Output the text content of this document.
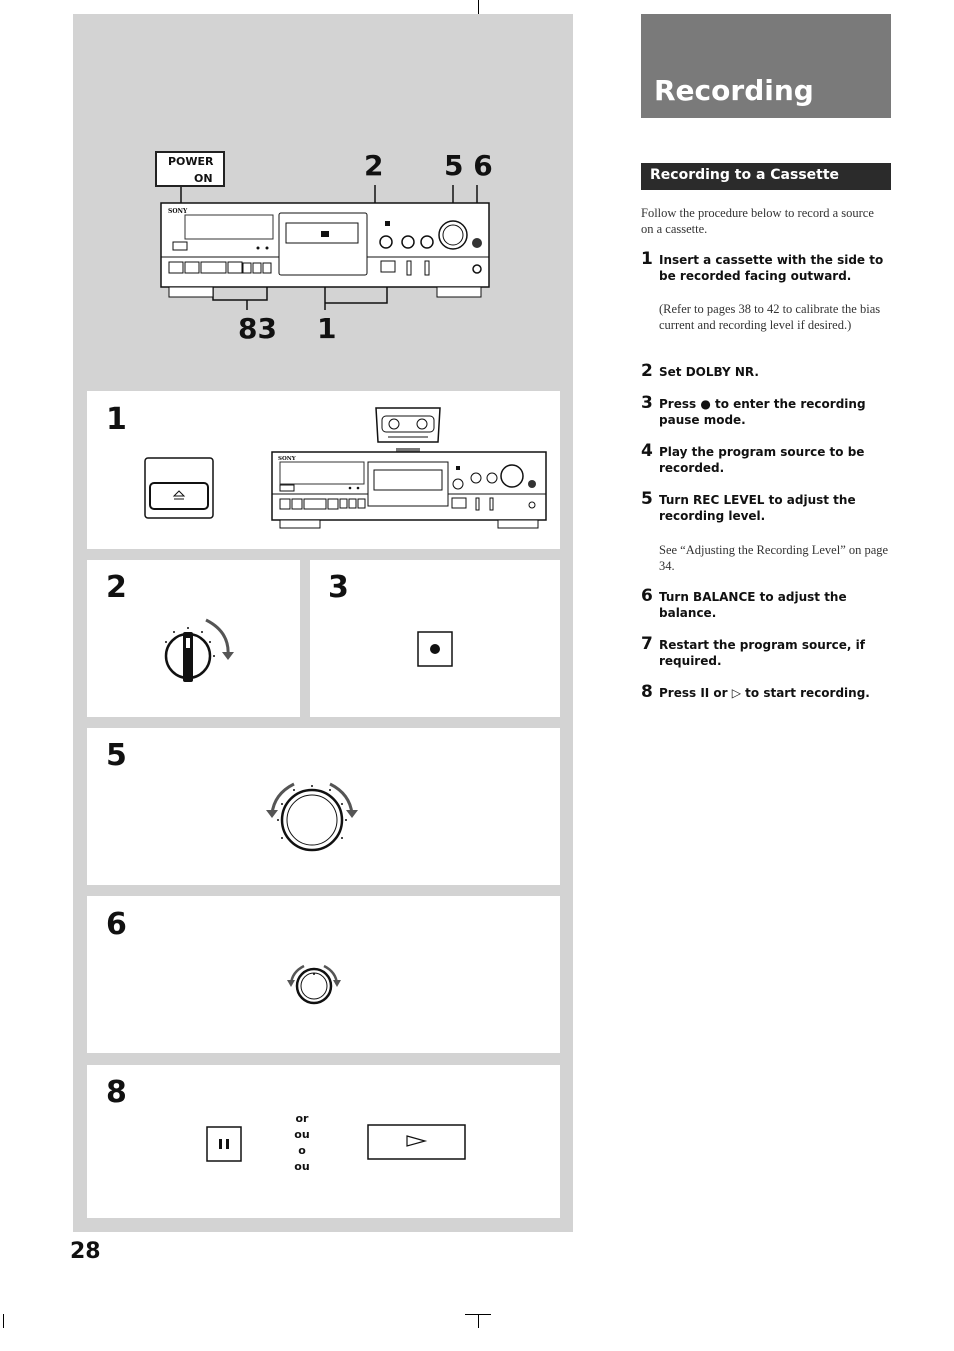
POWER
ON	2 5 6
83 1
SONY
1
SONY
2	3
5
6
8
or
ou
o
ou
28
Recording
Recording to a Cassette
Follow the procedure below to record a source on a cassette.
1 Insert a cassette with the side to be recorded facing outward.
(Refer to pages 38 to 42 to calibrate the bias current and recording level if desired.)
2 Set DOLBY NR.
3 Press ● to enter the recording pause mode.
4 Play the program source to be recorded.
5 Turn REC LEVEL to adjust the recording level.
See “Adjusting the Recording Level” on page 34.
6 Turn BALANCE to adjust the balance.
7 Restart the program source, if required.
8 Press II or ▷ to start recording.
